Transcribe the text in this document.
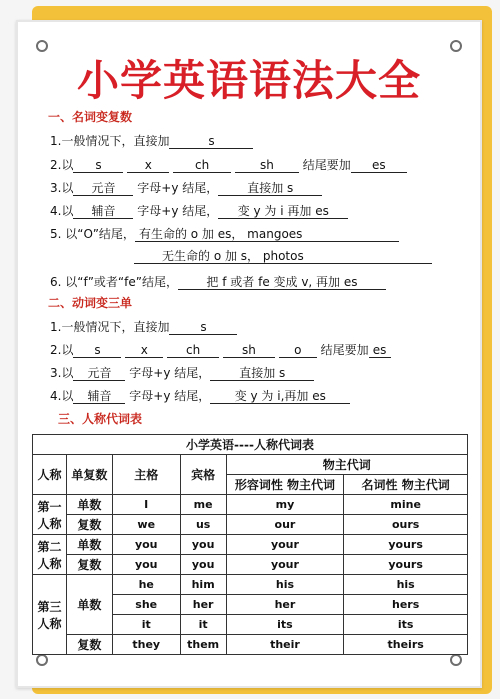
小学英语语法大全
一、名词变复数
1.一般情况下，直接加	s
2.以 s	x	ch	sh 结尾要加 es
3.以 元音 字母+y 结尾， 直接加 s
4.以 辅音 字母+y 结尾， 变 y 为 i 再加 es
5. 以“O”结尾， 有生命的 o 加 es， mangoes
无生命的 o 加 s， photos
6. 以“f”或者“fe”结尾， 把 f 或者 fe 变成 v, 再加 es
二、动词变三单
1.一般情况下，直接加	s
2.以 s	x	ch	sh	o 结尾要加 es
3.以 元音 字母+y 结尾， 直接加 s
4.以 辅音 字母+y 结尾， 变 y 为 i,再加 es
三、人称代词表
小学英语----人称代词表					
人称	单复数	主格	宾格	物主代词	
				形容词性 物主代词	名词性 物主代词
第一人称	单数	I	me	my	mine
	复数	we	us	our	ours
第二人称	单数	you	you	your	yours
	复数	you	you	your	yours
第三人称	单数	he	him	his	his
		she	her	her	hers
		it	it	its	its
	复数	they	them	their	theirs
